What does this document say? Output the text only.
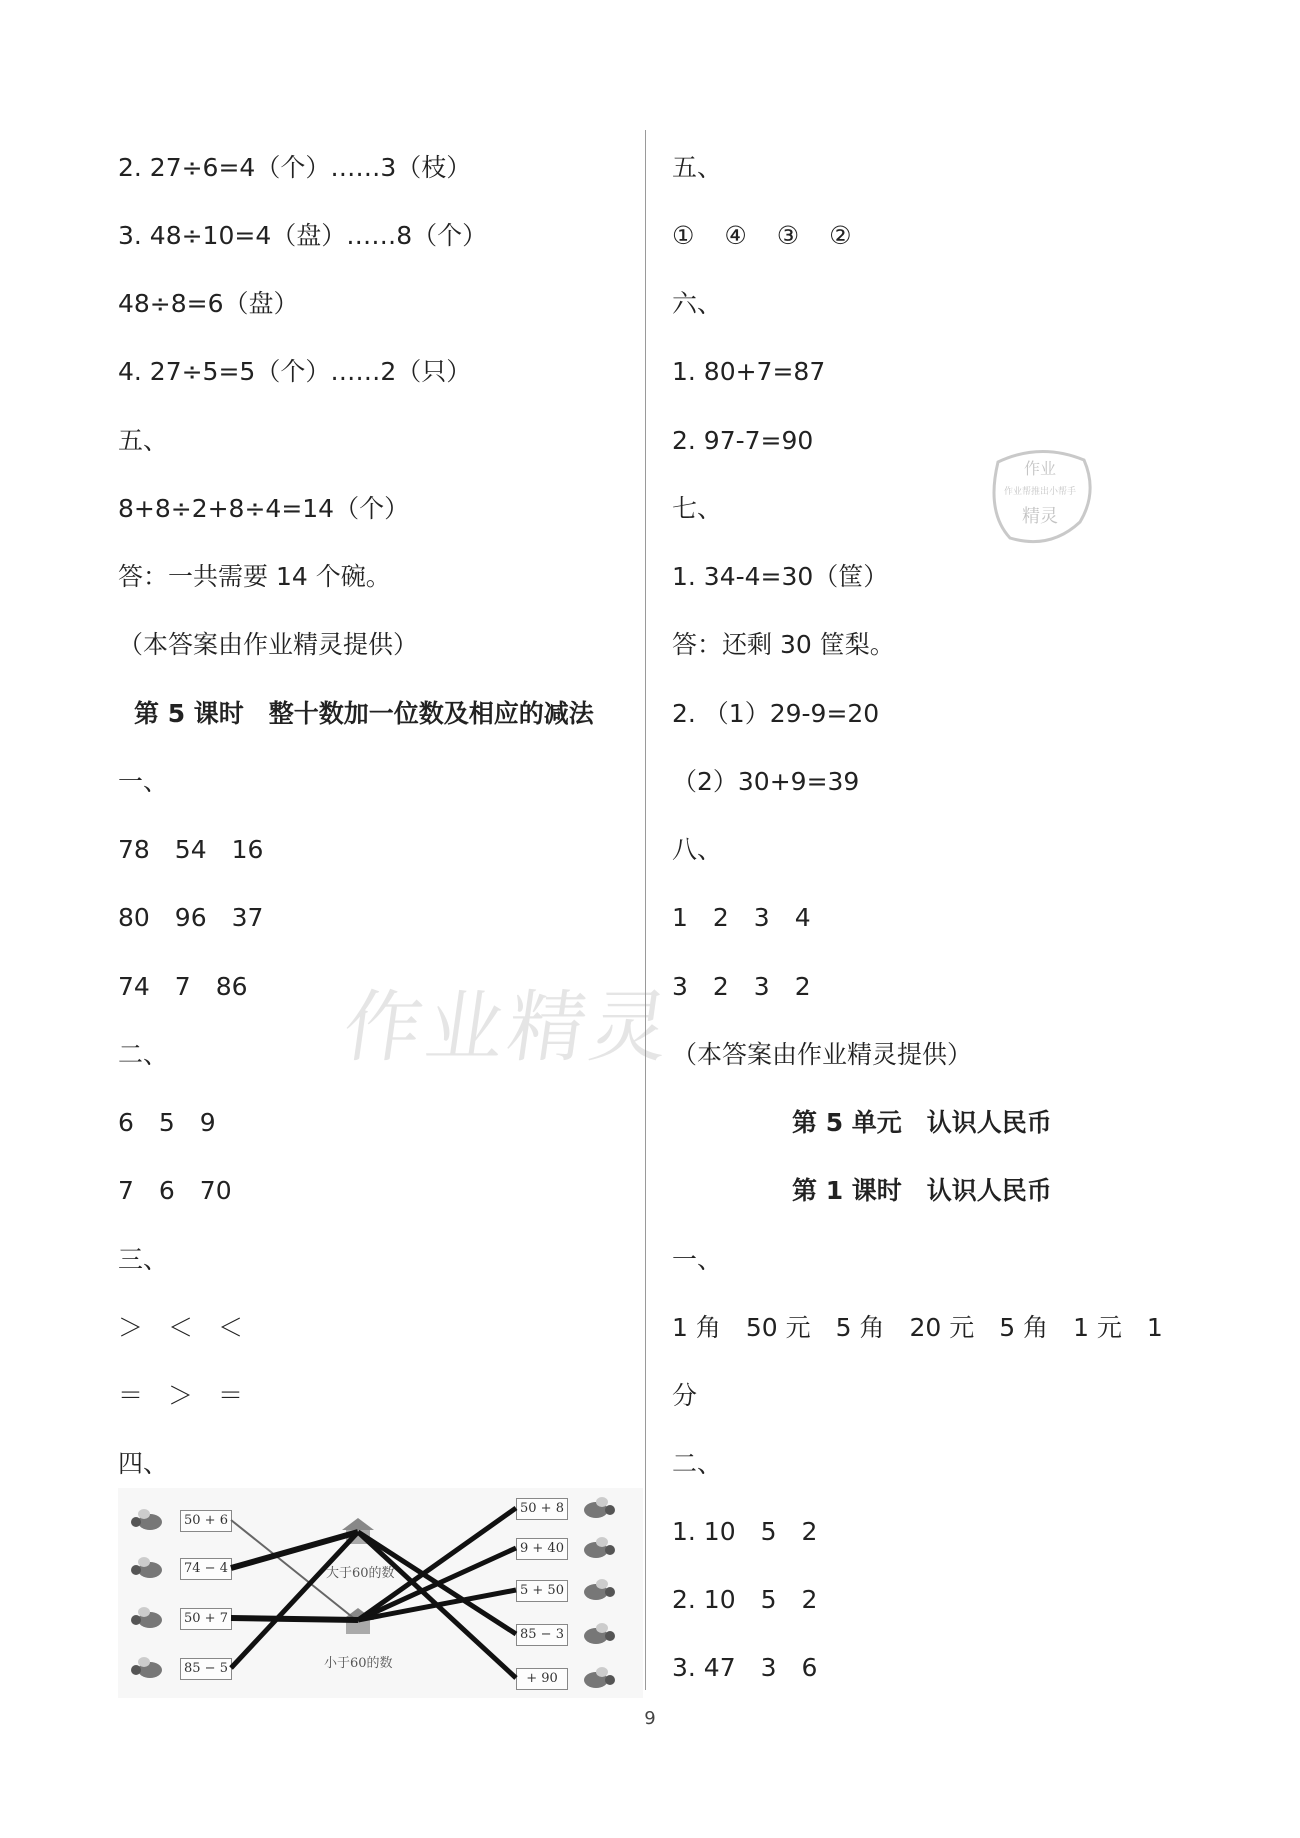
2. 27÷6=4（个）……3（枝）
3. 48÷10=4（盘）……8（个）
48÷8=6（盘）
4. 27÷5=5（个）……2（只）
五、
8+8÷2+8÷4=14（个）
答：一共需要 14 个碗。
（本答案由作业精灵提供）
第 5 课时　整十数加一位数及相应的减法
一、
78　54　16
80　96　37
74　7　86
二、
6　5　9
7　6　70
三、
＞　＜　＜
＝　＞　＝
四、
50 + 6
74 − 4
50 + 7
85 − 5
大于60的数
小于60的数
50 + 8
9 + 40
5 + 50
85 − 3
+ 90
五、
① ④ ③ ②
六、
1. 80+7=87
2. 97-7=90
七、
1. 34-4=30（筐）
答：还剩 30 筐梨。
2. （1）29-9=20
（2）30+9=39
八、
1　2　3　4
3　2　3　2
（本答案由作业精灵提供）
第 5 单元　认识人民币
第 1 课时　认识人民币
一、
1 角　50 元　5 角　20 元　5 角　1 元　1
分
二、
1. 10　5　2
2. 10　5　2
3. 47　3　6
作业精灵
作业
作业帮推出小帮手
精灵
9
